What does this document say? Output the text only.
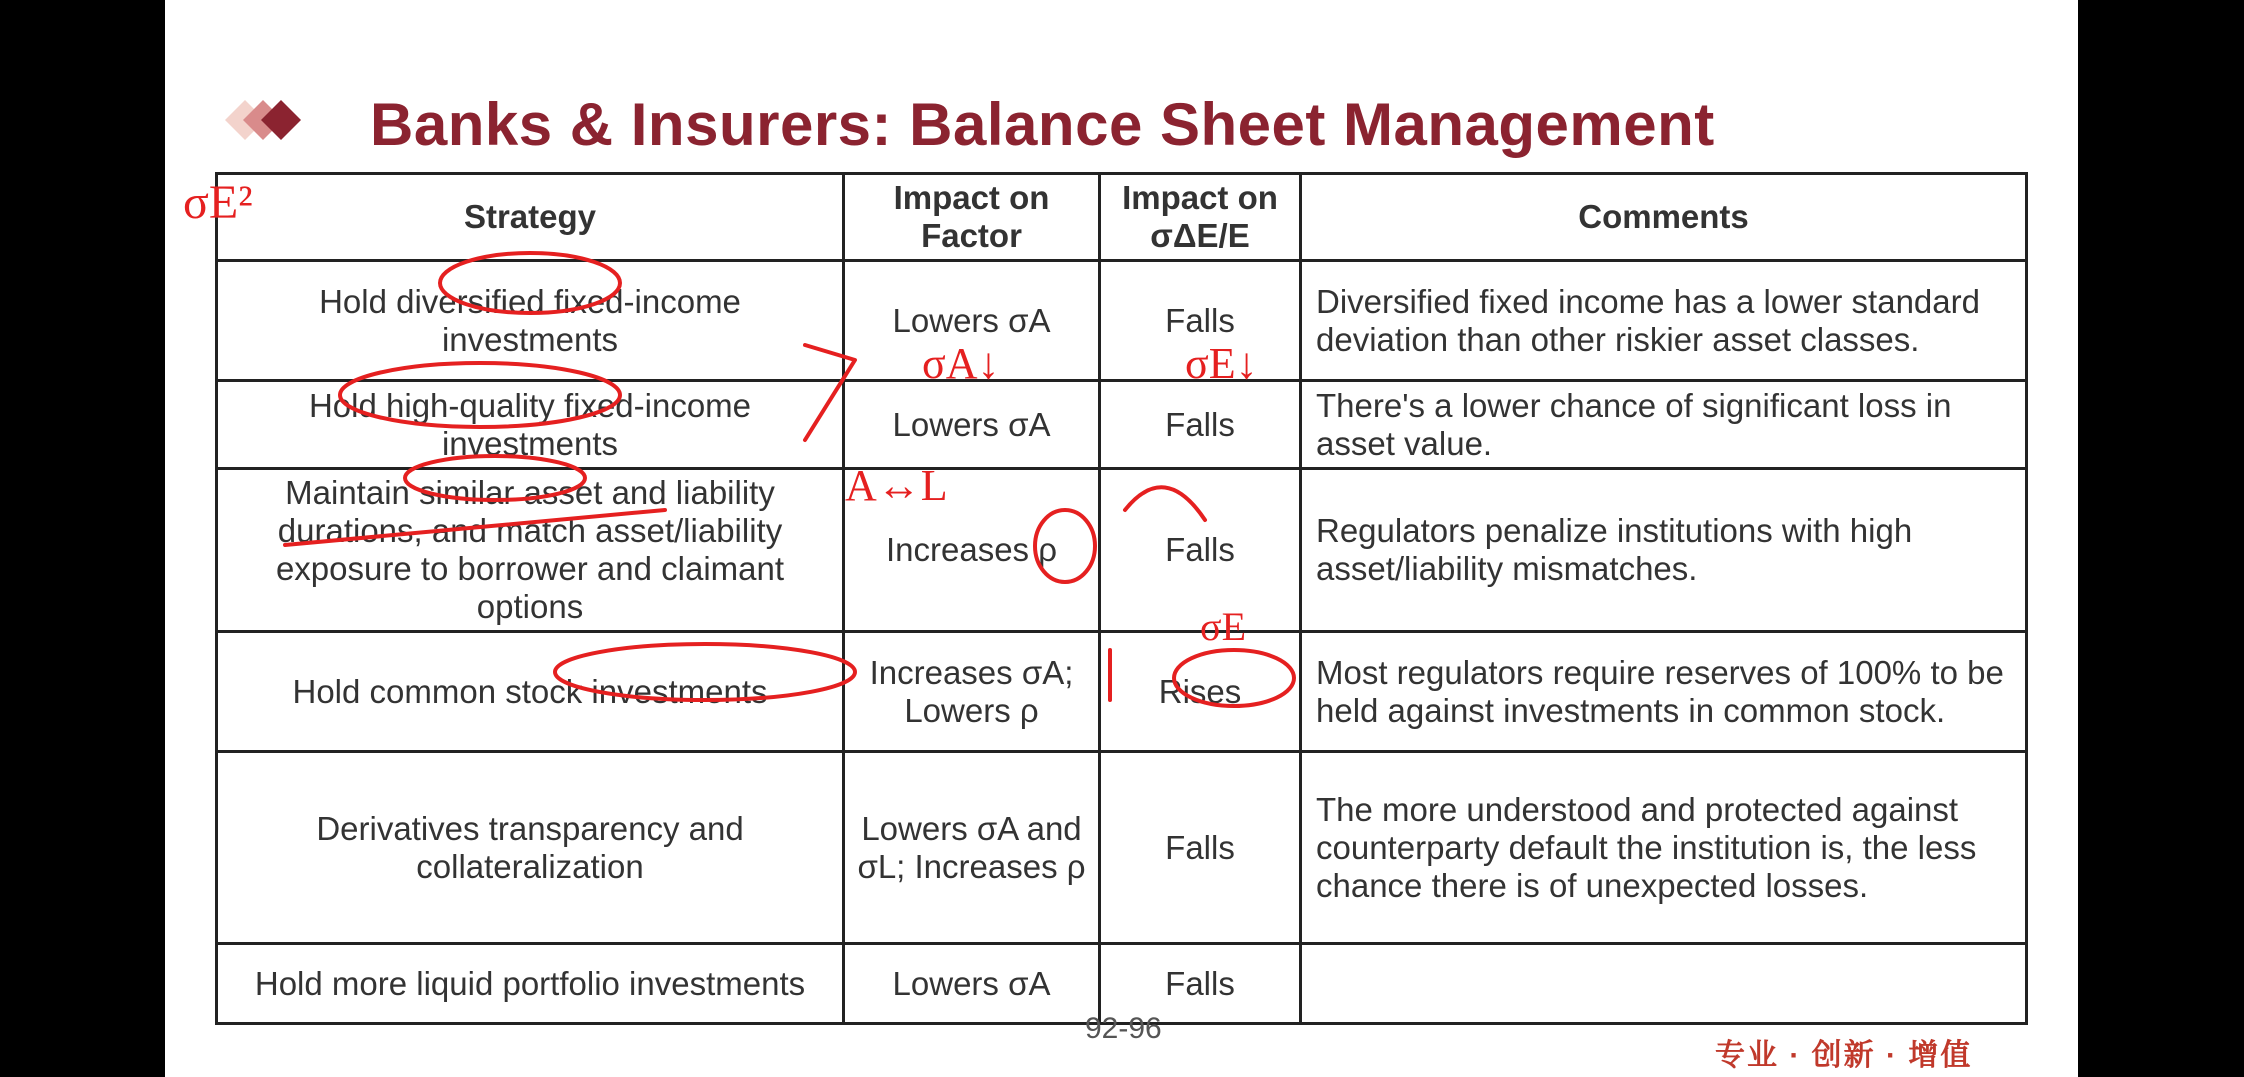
Banks & Insurers: Balance Sheet Management
Strategy	Impact on Factor	Impact on σΔE/E	Comments
Hold diversified fixed-income investments	Lowers σA	Falls	Diversified fixed income has a lower standard deviation than other riskier asset classes.
Hold high-quality fixed-income investments	Lowers σA	Falls	There's a lower chance of significant loss in asset value.
Maintain similar asset and liability durations, and match asset/liability exposure to borrower and claimant options	Increases ρ	Falls	Regulators penalize institutions with high asset/liability mismatches.
Hold common stock investments	Increases σA; Lowers ρ	Rises	Most regulators require reserves of 100% to be held against investments in common stock.
Derivatives transparency and collateralization	Lowers σA and σL; Increases ρ	Falls	The more understood and protected against counterparty default the institution is, the less chance there is of unexpected losses.
Hold more liquid portfolio investments	Lowers σA	Falls	
92-96
专业 · 创新 · 增值
σE²
σA↓	σE↓
A↔L
σE
